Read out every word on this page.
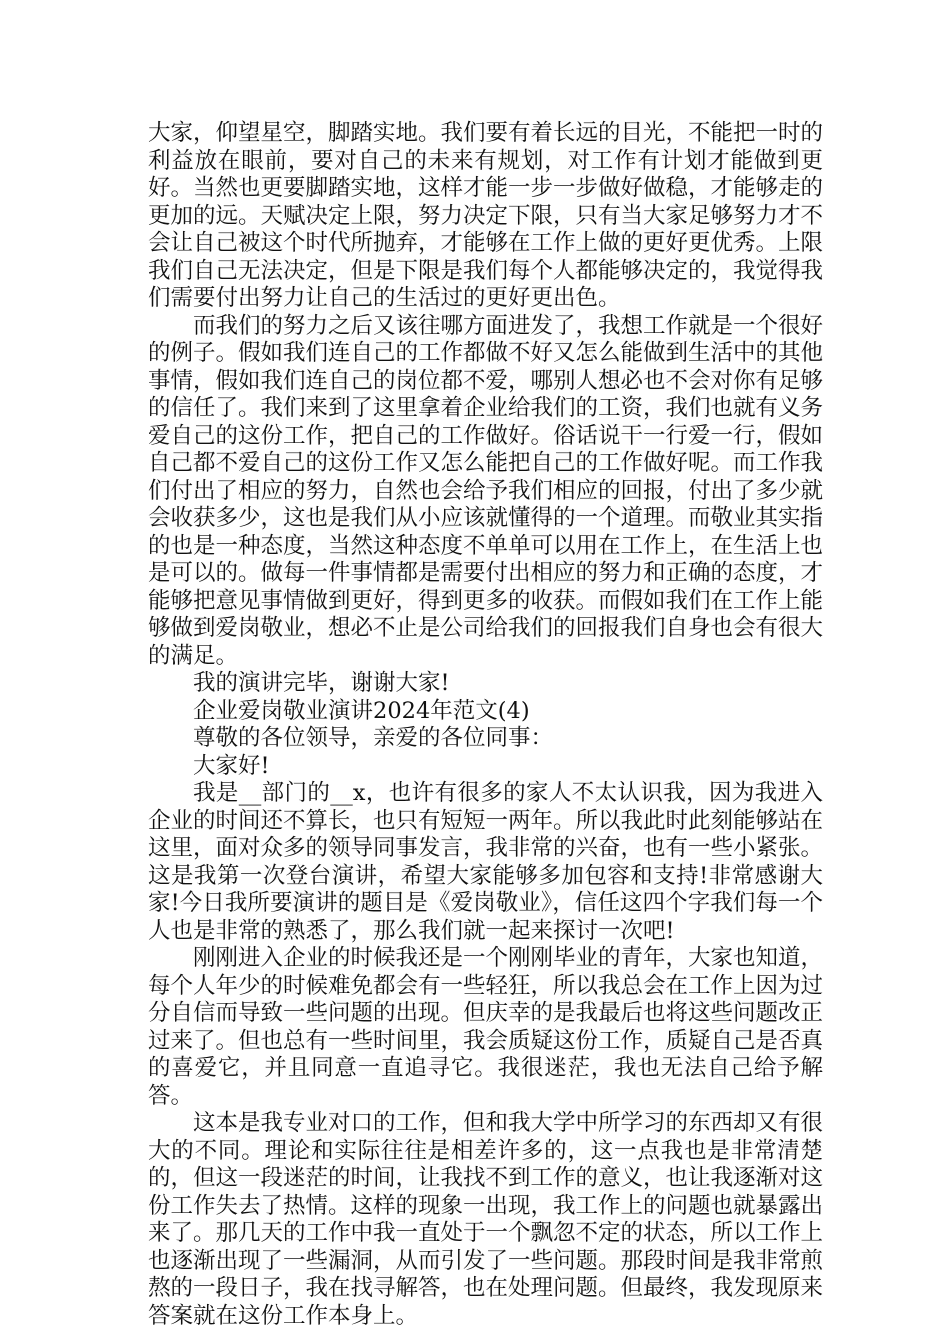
大家，仰望星空，脚踏实地。我们要有着长远的目光，不能把一时的利益放在眼前，要对自己的未来有规划，对工作有计划才能做到更好。当然也更要脚踏实地，这样才能一步一步做好做稳，才能够走的更加的远。天赋决定上限，努力决定下限，只有当大家足够努力才不会让自己被这个时代所抛弃，才能够在工作上做的更好更优秀。上限我们自己无法决定，但是下限是我们每个人都能够决定的，我觉得我们需要付出努力让自己的生活过的更好更出色。

而我们的努力之后又该往哪方面进发了，我想工作就是一个很好的例子。假如我们连自己的工作都做不好又怎么能做到生活中的其他事情，假如我们连自己的岗位都不爱，哪别人想必也不会对你有足够的信任了。我们来到了这里拿着企业给我们的工资，我们也就有义务爱自己的这份工作，把自己的工作做好。俗话说干一行爱一行，假如自己都不爱自己的这份工作又怎么能把自己的工作做好呢。而工作我们付出了相应的努力，自然也会给予我们相应的回报，付出了多少就会收获多少，这也是我们从小应该就懂得的一个道理。而敬业其实指的也是一种态度，当然这种态度不单单可以用在工作上，在生活上也是可以的。做每一件事情都是需要付出相应的努力和正确的态度，才能够把意见事情做到更好，得到更多的收获。而假如我们在工作上能够做到爱岗敬业，想必不止是公司给我们的回报我们自身也会有很大的满足。

我的演讲完毕，谢谢大家!

企业爱岗敬业演讲2024年范文(4)

尊敬的各位领导，亲爱的各位同事：

大家好!

我是__部门的__x，也许有很多的家人不太认识我，因为我进入企业的时间还不算长，也只有短短一两年。所以我此时此刻能够站在这里，面对众多的领导同事发言，我非常的兴奋，也有一些小紧张。这是我第一次登台演讲，希望大家能够多加包容和支持!非常感谢大家!今日我所要演讲的题目是《爱岗敬业》，信任这四个字我们每一个人也是非常的熟悉了，那么我们就一起来探讨一次吧!

刚刚进入企业的时候我还是一个刚刚毕业的青年，大家也知道，每个人年少的时候难免都会有一些轻狂，所以我总会在工作上因为过分自信而导致一些问题的出现。但庆幸的是我最后也将这些问题改正过来了。但也总有一些时间里，我会质疑这份工作，质疑自己是否真的喜爱它，并且同意一直追寻它。我很迷茫，我也无法自己给予解答。

这本是我专业对口的工作，但和我大学中所学习的东西却又有很大的不同。理论和实际往往是相差许多的，这一点我也是非常清楚的，但这一段迷茫的时间，让我找不到工作的意义，也让我逐渐对这份工作失去了热情。这样的现象一出现，我工作上的问题也就暴露出来了。那几天的工作中我一直处于一个飘忽不定的状态，所以工作上也逐渐出现了一些漏洞，从而引发了一些问题。那段时间是我非常煎熬的一段日子，我在找寻解答，也在处理问题。但最终，我发现原来答案就在这份工作本身上。
